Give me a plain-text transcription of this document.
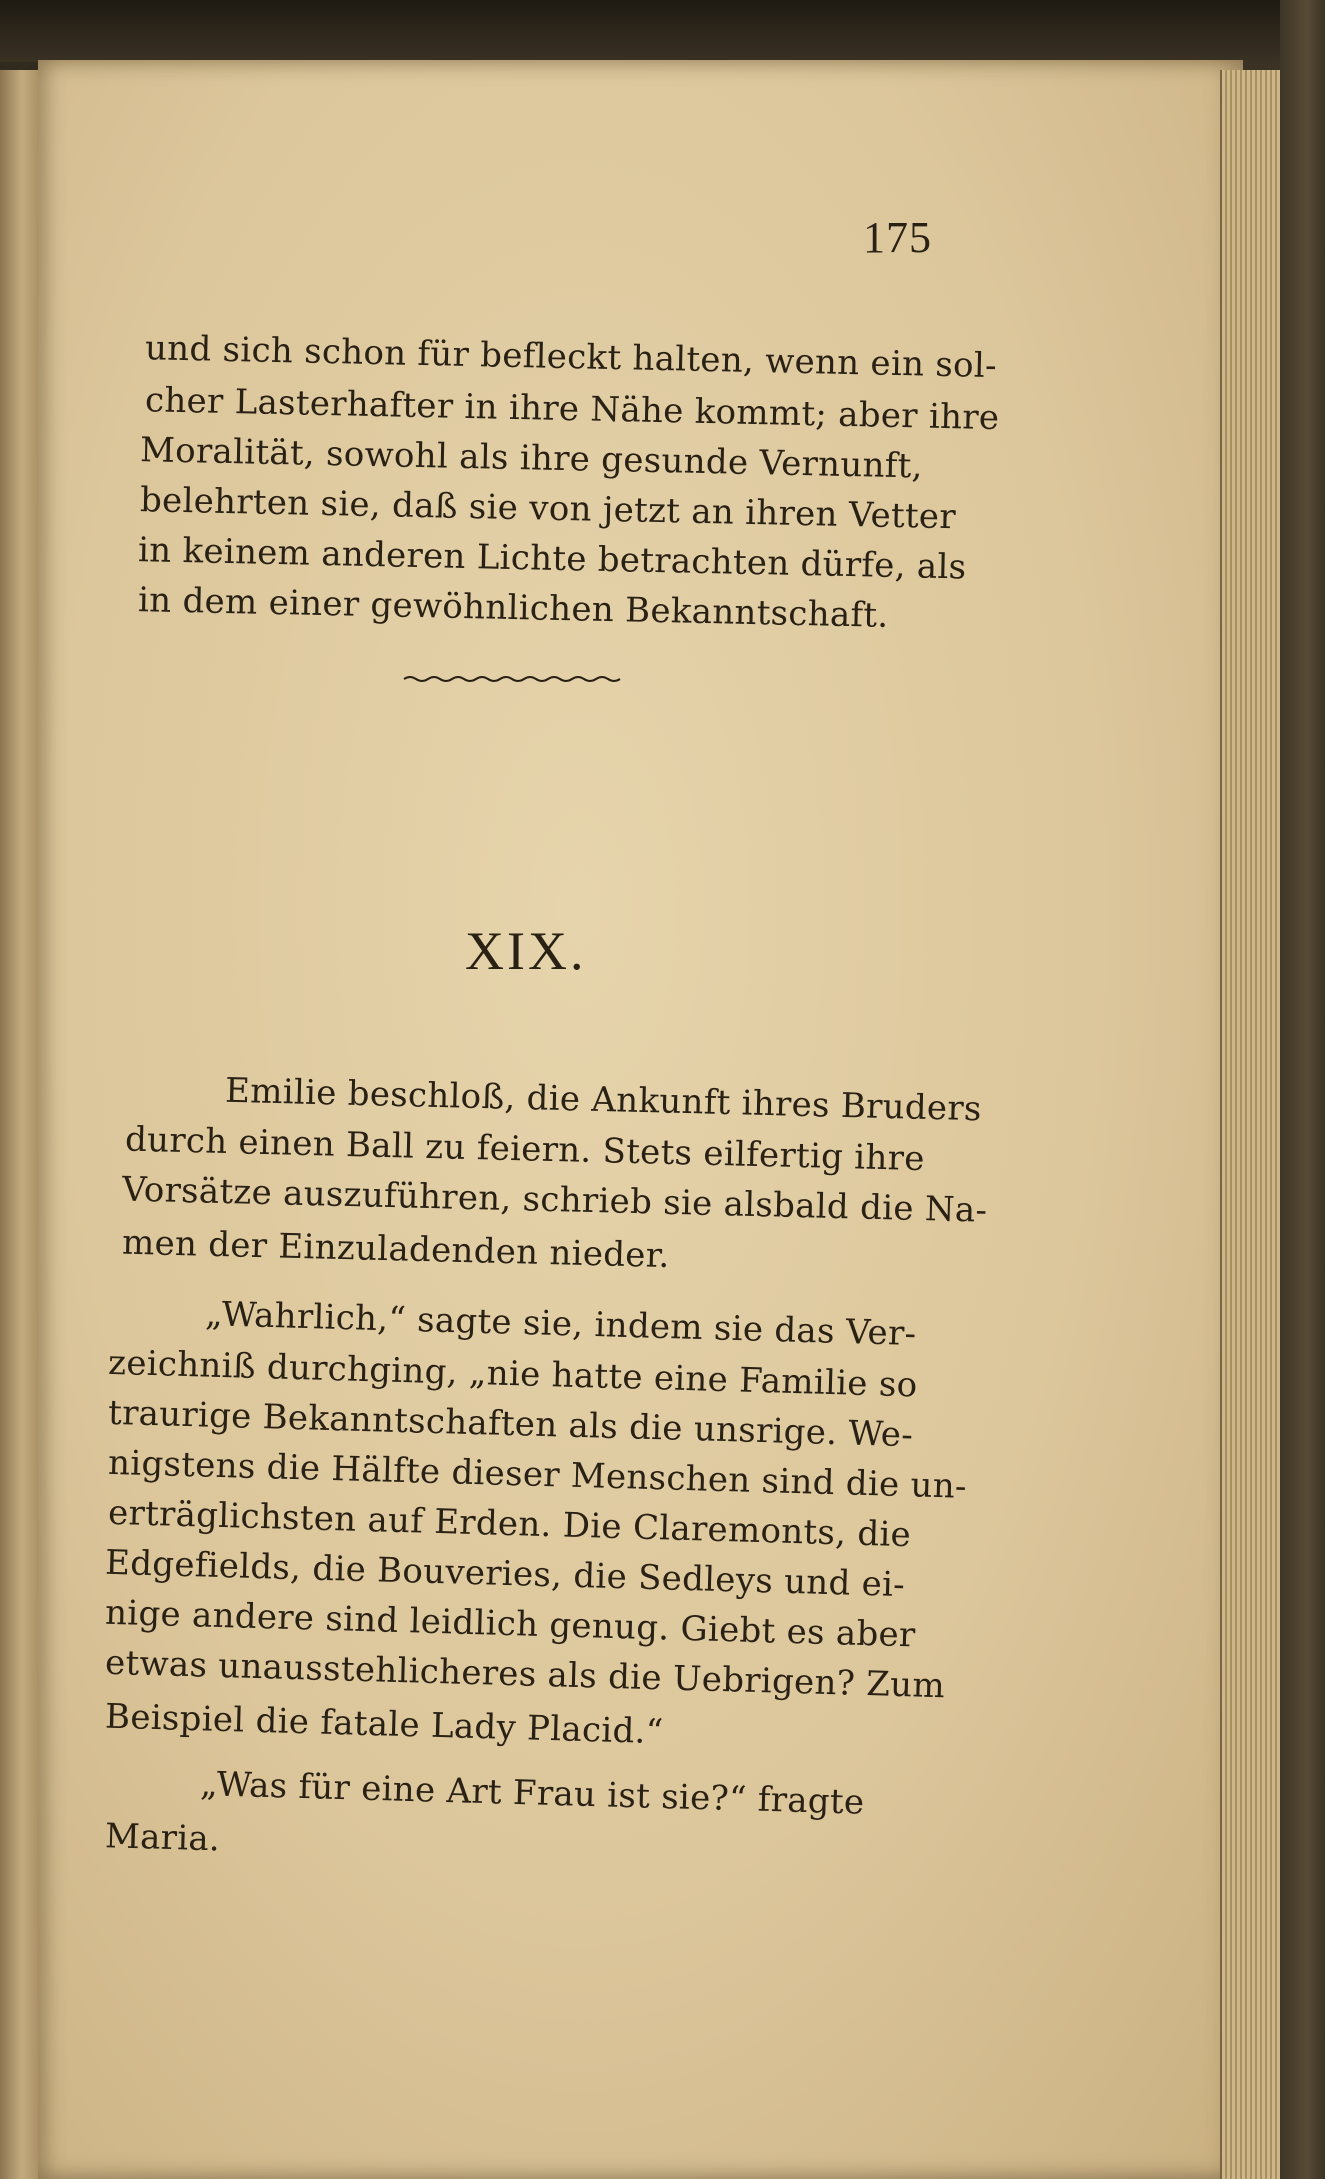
175
und sich schon für befleckt halten, wenn ein sol-
cher Lasterhafter in ihre Nähe kommt; aber ihre
Moralität, sowohl als ihre gesunde Vernunft,
belehrten sie, daß sie von jetzt an ihren Vetter
in keinem anderen Lichte betrachten dürfe, als
in dem einer gewöhnlichen Bekanntschaft.
XIX.
Emilie beschloß, die Ankunft ihres Bruders
durch einen Ball zu feiern. Stets eilfertig ihre
Vorsätze auszuführen, schrieb sie alsbald die Na-
men der Einzuladenden nieder.
„Wahrlich,“ sagte sie, indem sie das Ver-
zeichniß durchging, „nie hatte eine Familie so
traurige Bekanntschaften als die unsrige. We-
nigstens die Hälfte dieser Menschen sind die un-
erträglichsten auf Erden. Die Claremonts, die
Edgefields, die Bouveries, die Sedleys und ei-
nige andere sind leidlich genug. Giebt es aber
etwas unausstehlicheres als die Uebrigen? Zum
Beispiel die fatale Lady Placid.“
„Was für eine Art Frau ist sie?“ fragte
Maria.
